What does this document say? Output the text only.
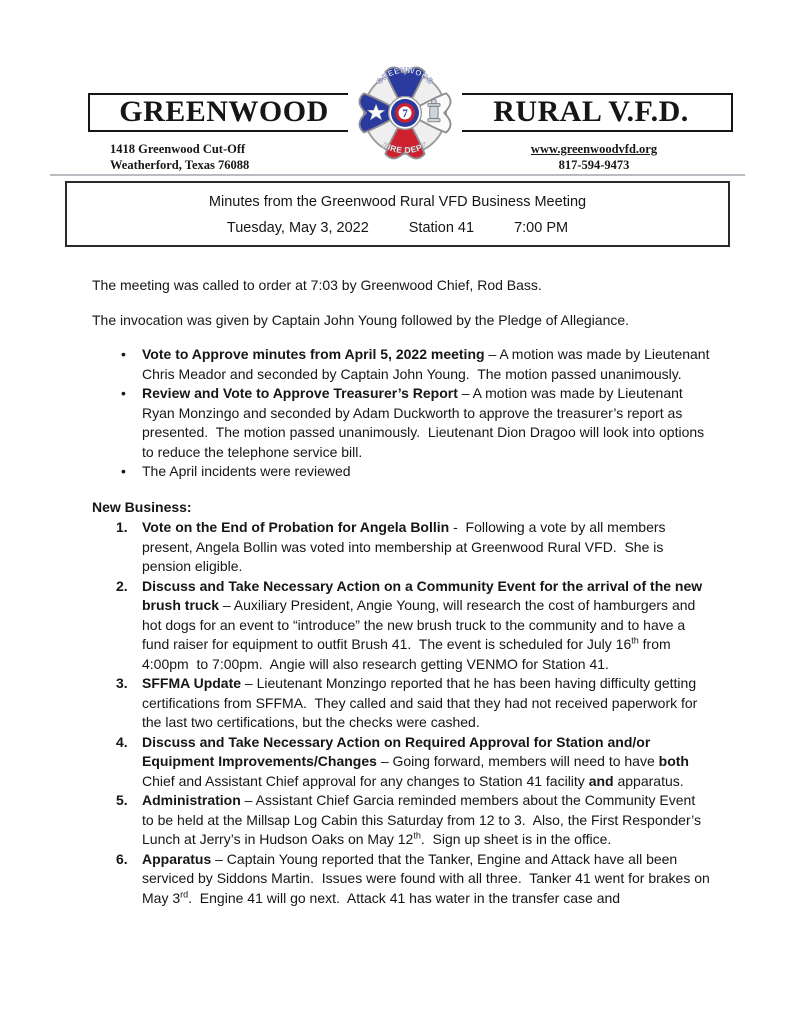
GREENWOOD	RURAL V.F.D.
7
GREENWOOD
FIRE DEPT
1418 Greenwood Cut-Off
Weatherford, Texas 76088
www.greenwoodvfd.org
817-594-9473
Minutes from the Greenwood Rural VFD Business Meeting
Tuesday, May 3, 2022	Station 41	7:00 PM
The meeting was called to order at 7:03 by Greenwood Chief, Rod Bass.
The invocation was given by Captain John Young followed by the Pledge of Allegiance.
•	Vote to Approve minutes from April 5, 2022 meeting – A motion was made by Lieutenant Chris Meador and seconded by Captain John Young.  The motion passed unanimously.
•	Review and Vote to Approve Treasurer’s Report – A motion was made by Lieutenant Ryan Monzingo and seconded by Adam Duckworth to approve the treasurer’s report as presented.  The motion passed unanimously.  Lieutenant Dion Dragoo will look into options to reduce the telephone service bill.
•	The April incidents were reviewed
New Business:
1.	Vote on the End of Probation for Angela Bollin -  Following a vote by all members present, Angela Bollin was voted into membership at Greenwood Rural VFD.  She is pension eligible.
2.	Discuss and Take Necessary Action on a Community Event for the arrival of the new brush truck – Auxiliary President, Angie Young, will research the cost of hamburgers and hot dogs for an event to “introduce” the new brush truck to the community and to have a fund raiser for equipment to outfit Brush 41.  The event is scheduled for July 16th from 4:00pm  to 7:00pm.  Angie will also research getting VENMO for Station 41.
3.	SFFMA Update – Lieutenant Monzingo reported that he has been having difficulty getting certifications from SFFMA.  They called and said that they had not received paperwork for the last two certifications, but the checks were cashed.
4.	Discuss and Take Necessary Action on Required Approval for Station and/or Equipment Improvements/Changes – Going forward, members will need to have both Chief and Assistant Chief approval for any changes to Station 41 facility and apparatus.
5.	Administration – Assistant Chief Garcia reminded members about the Community Event to be held at the Millsap Log Cabin this Saturday from 12 to 3.  Also, the First Responder’s Lunch at Jerry’s in Hudson Oaks on May 12th.  Sign up sheet is in the office.
6.	Apparatus – Captain Young reported that the Tanker, Engine and Attack have all been serviced by Siddons Martin.  Issues were found with all three.  Tanker 41 went for brakes on May 3rd.  Engine 41 will go next.  Attack 41 has water in the transfer case and
